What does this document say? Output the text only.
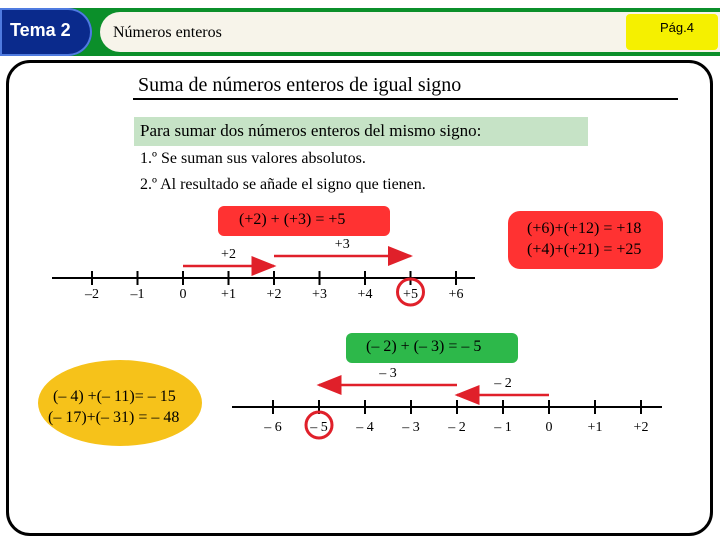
Tema 2	Números enteros	Pág.4
Suma de números enteros de igual signo
Para sumar dos números enteros del mismo signo:
1.º Se suman sus valores absolutos.
2.º Al resultado se añade el signo que tienen.
(+2) + (+3) = +5
(+6)+(+12) = +18
(+4)+(+21) = +25
(– 2) + (– 3) = – 5
(– 4) +(– 11)= – 15
(– 17)+(– 31) = – 48
–2 –1	0 +1 +2 +3 +4 +5 +6
+2
+3
– 6 – 5 – 4 – 3 – 2 – 1 0	+1 +2
– 2
– 3
